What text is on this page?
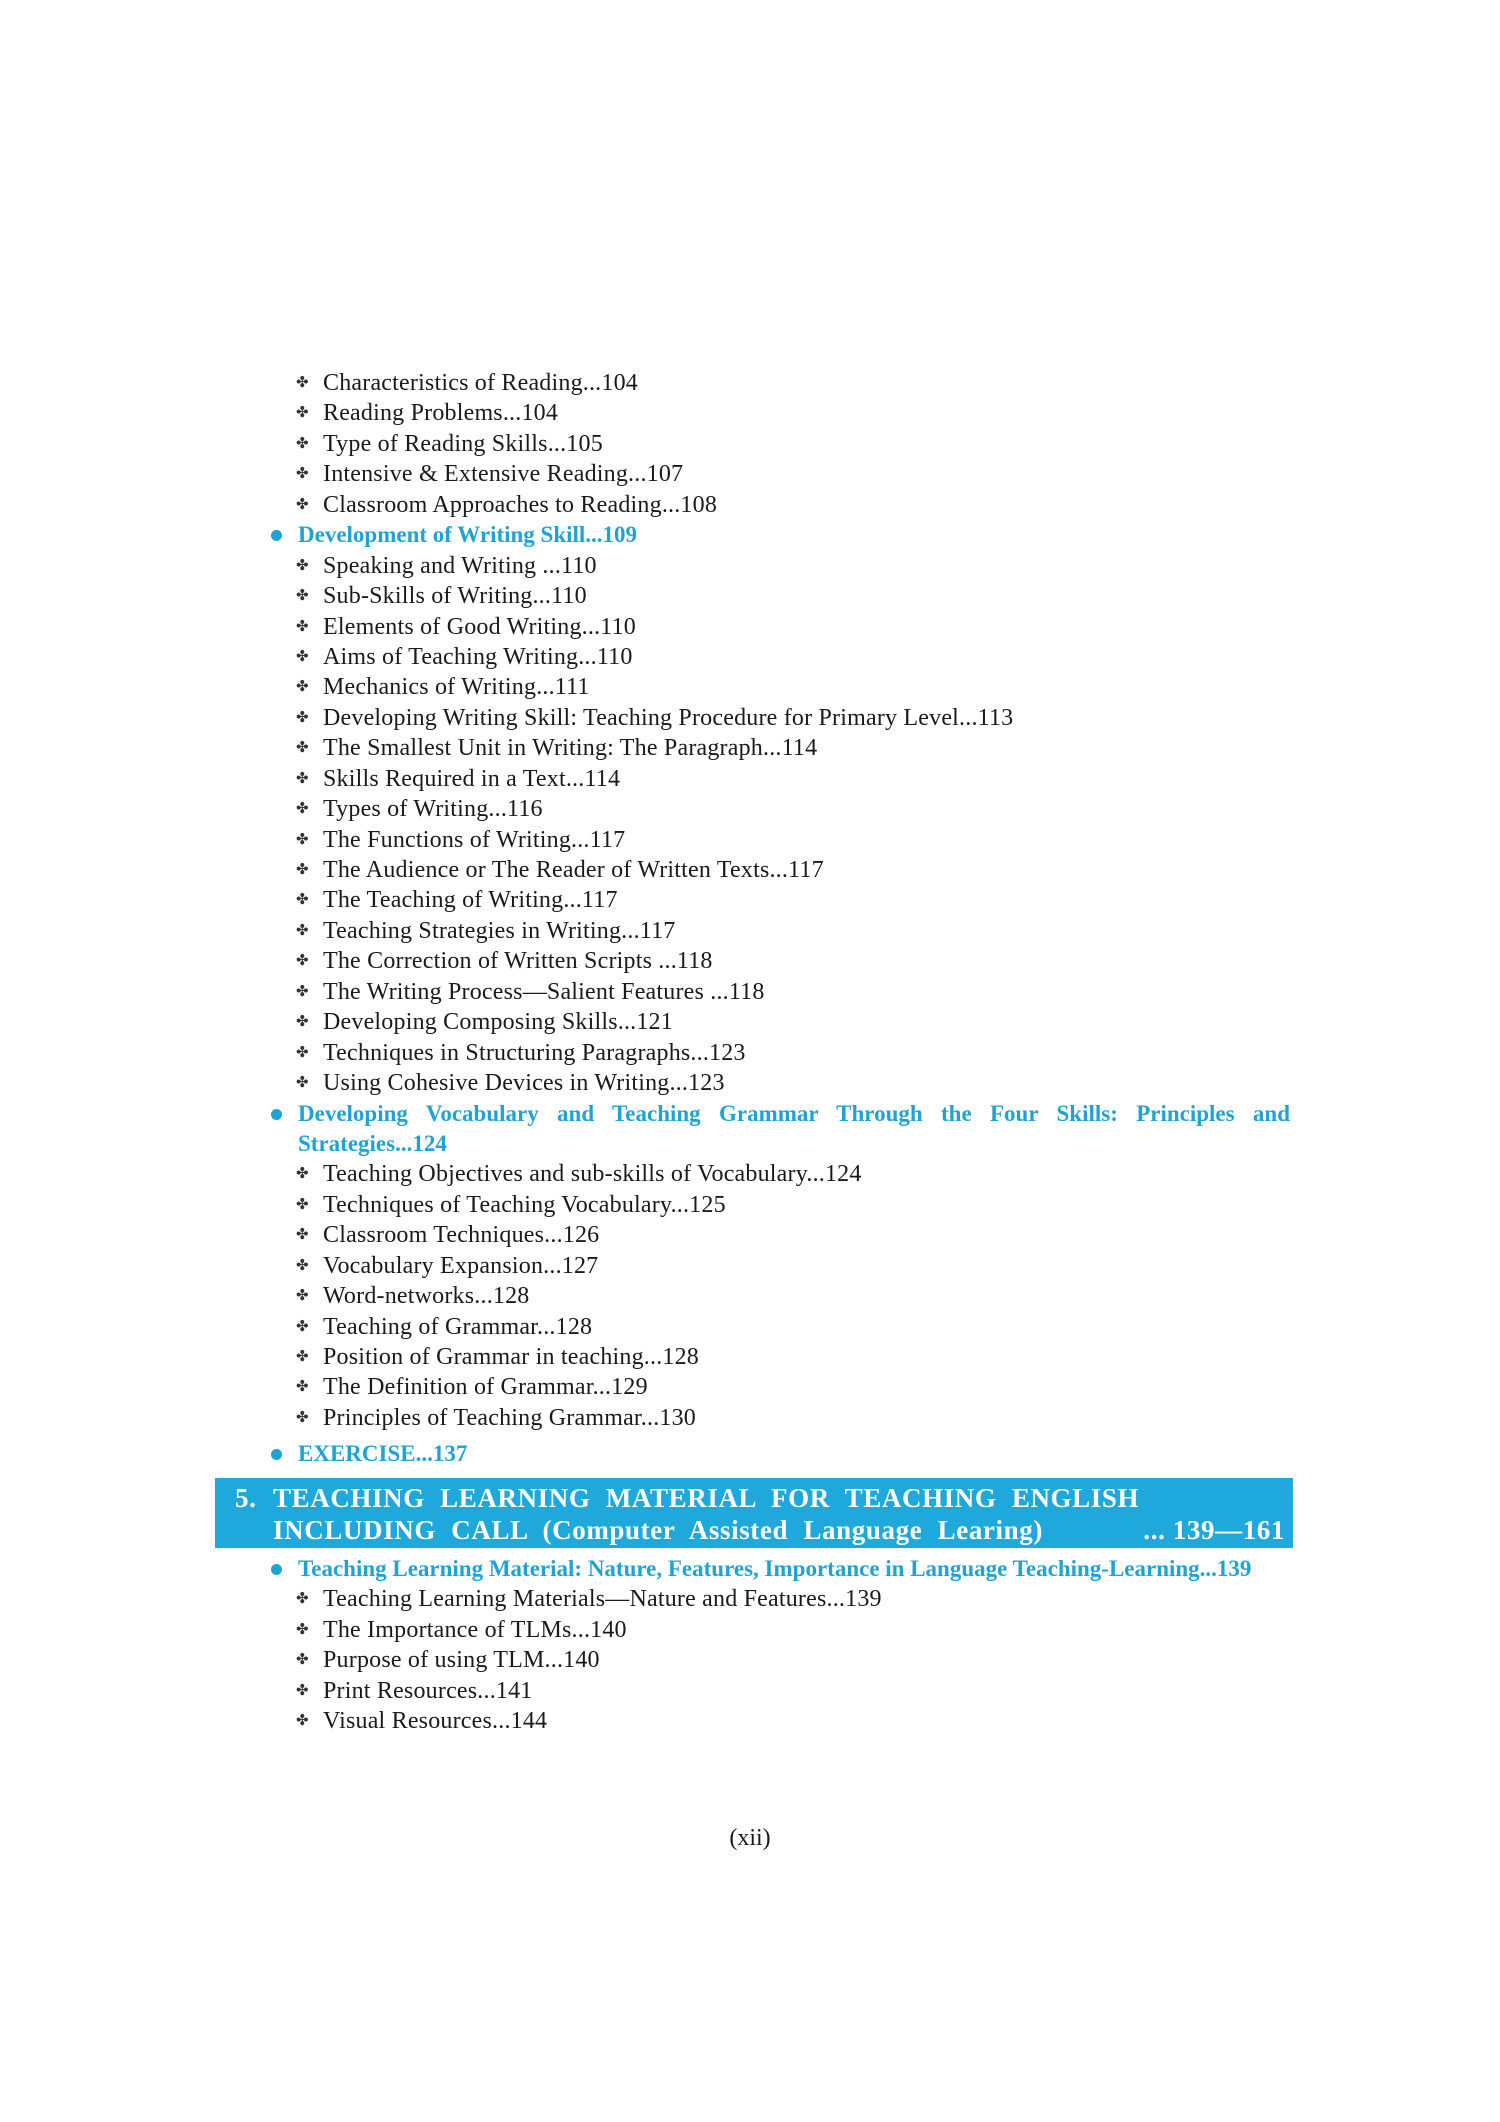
✤ Characteristics of Reading...104
✤ Reading Problems...104
✤ Type of Reading Skills...105
✤ Intensive & Extensive Reading...107
✤ Classroom Approaches to Reading...108
Development of Writing Skill...109
✤ Speaking and Writing ...110
✤ Sub-Skills of Writing...110
✤ Elements of Good Writing...110
✤ Aims of Teaching Writing...110
✤ Mechanics of Writing...111
✤ Developing Writing Skill: Teaching Procedure for Primary Level...113
✤ The Smallest Unit in Writing: The Paragraph...114
✤ Skills Required in a Text...114
✤ Types of Writing...116
✤ The Functions of Writing...117
✤ The Audience or The Reader of Written Texts...117
✤ The Teaching of Writing...117
✤ Teaching Strategies in Writing...117
✤ The Correction of Written Scripts ...118
✤ The Writing Process—Salient Features ...118
✤ Developing Composing Skills...121
✤ Techniques in Structuring Paragraphs...123
✤ Using Cohesive Devices in Writing...123
Developing Vocabulary and Teaching Grammar Through the Four Skills: Principles and Strategies...124
✤ Teaching Objectives and sub-skills of Vocabulary...124
✤ Techniques of Teaching Vocabulary...125
✤ Classroom Techniques...126
✤ Vocabulary Expansion...127
✤ Word-networks...128
✤ Teaching of Grammar...128
✤ Position of Grammar in teaching...128
✤ The Definition of Grammar...129
✤ Principles of Teaching Grammar...130
EXERCISE...137
5. TEACHING LEARNING MATERIAL FOR TEACHING ENGLISH
INCLUDING CALL (Computer Assisted Language Learing)	... 139—161
Teaching Learning Material: Nature, Features, Importance in Language Teaching-Learning...139
✤ Teaching Learning Materials—Nature and Features...139
✤ The Importance of TLMs...140
✤ Purpose of using TLM...140
✤ Print Resources...141
✤ Visual Resources...144
(xii)
